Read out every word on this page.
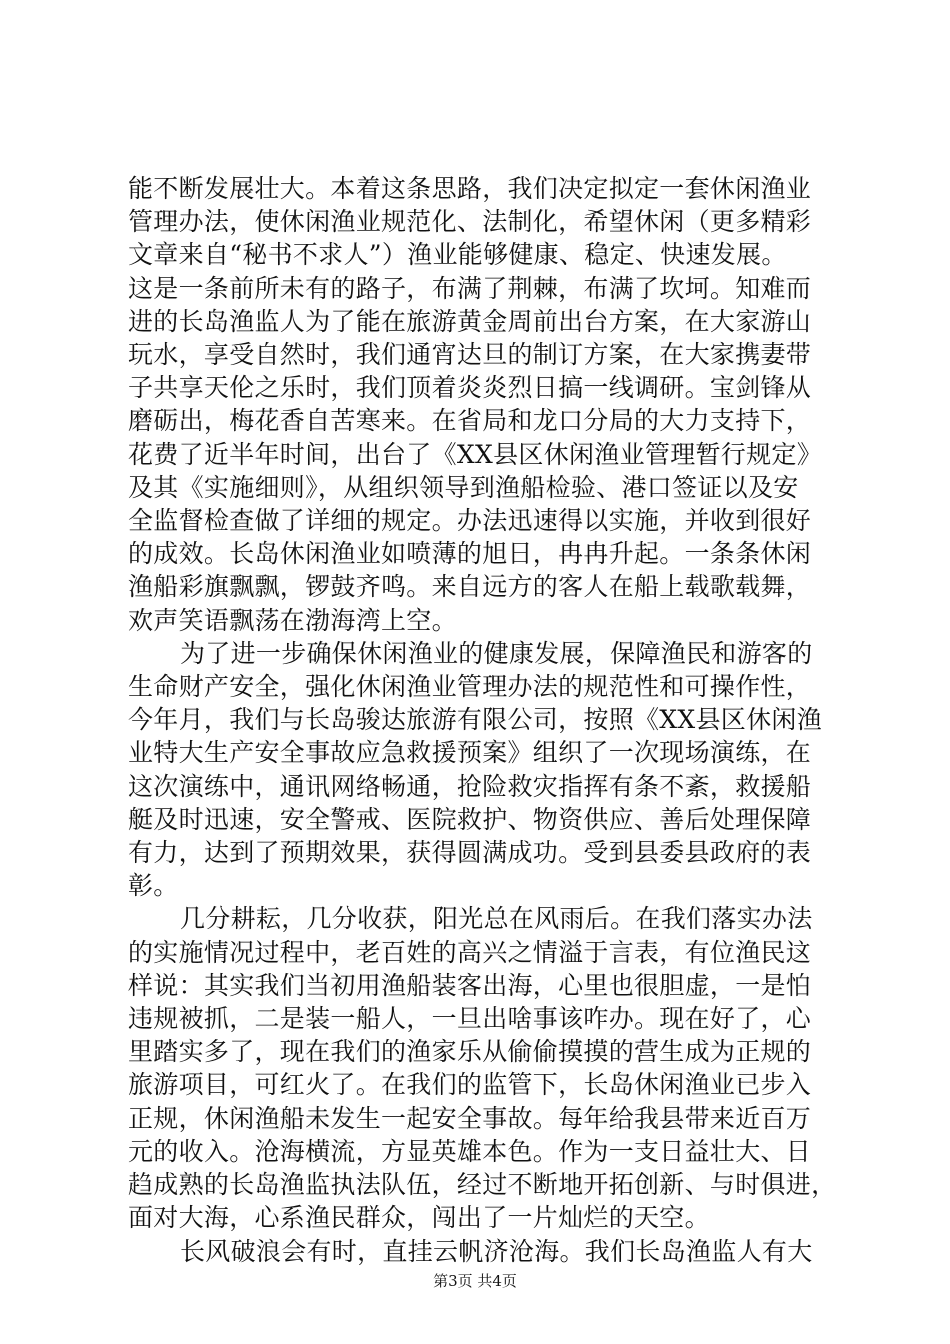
能不断发展壮大。本着这条思路，我们决定拟定一套休闲渔业
管理办法，使休闲渔业规范化、法制化，希望休闲（更多精彩
文章来自“秘书不求人”）渔业能够健康、稳定、快速发展。
这是一条前所未有的路子，布满了荆棘，布满了坎坷。知难而
进的长岛渔监人为了能在旅游黄金周前出台方案，在大家游山
玩水，享受自然时，我们通宵达旦的制订方案，在大家携妻带
子共享天伦之乐时，我们顶着炎炎烈日搞一线调研。宝剑锋从
磨砺出，梅花香自苦寒来。在省局和龙口分局的大力支持下，
花费了近半年时间，出台了《XX县区休闲渔业管理暂行规定》
及其《实施细则》，从组织领导到渔船检验、港口签证以及安
全监督检查做了详细的规定。办法迅速得以实施，并收到很好
的成效。长岛休闲渔业如喷薄的旭日，冉冉升起。一条条休闲
渔船彩旗飘飘，锣鼓齐鸣。来自远方的客人在船上载歌载舞，
欢声笑语飘荡在渤海湾上空。
为了进一步确保休闲渔业的健康发展，保障渔民和游客的
生命财产安全，强化休闲渔业管理办法的规范性和可操作性，
今年月，我们与长岛骏达旅游有限公司，按照《XX县区休闲渔
业特大生产安全事故应急救援预案》组织了一次现场演练，在
这次演练中，通讯网络畅通，抢险救灾指挥有条不紊，救援船
艇及时迅速，安全警戒、医院救护、物资供应、善后处理保障
有力，达到了预期效果，获得圆满成功。受到县委县政府的表
彰。
几分耕耘，几分收获，阳光总在风雨后。在我们落实办法
的实施情况过程中，老百姓的高兴之情溢于言表，有位渔民这
样说：其实我们当初用渔船装客出海，心里也很胆虚，一是怕
违规被抓，二是装一船人，一旦出啥事该咋办。现在好了，心
里踏实多了，现在我们的渔家乐从偷偷摸摸的营生成为正规的
旅游项目，可红火了。在我们的监管下，长岛休闲渔业已步入
正规，休闲渔船未发生一起安全事故。每年给我县带来近百万
元的收入。沧海横流，方显英雄本色。作为一支日益壮大、日
趋成熟的长岛渔监执法队伍，经过不断地开拓创新、与时俱进，
面对大海，心系渔民群众，闯出了一片灿烂的天空。
长风破浪会有时，直挂云帆济沧海。我们长岛渔监人有大
第3页 共4页
